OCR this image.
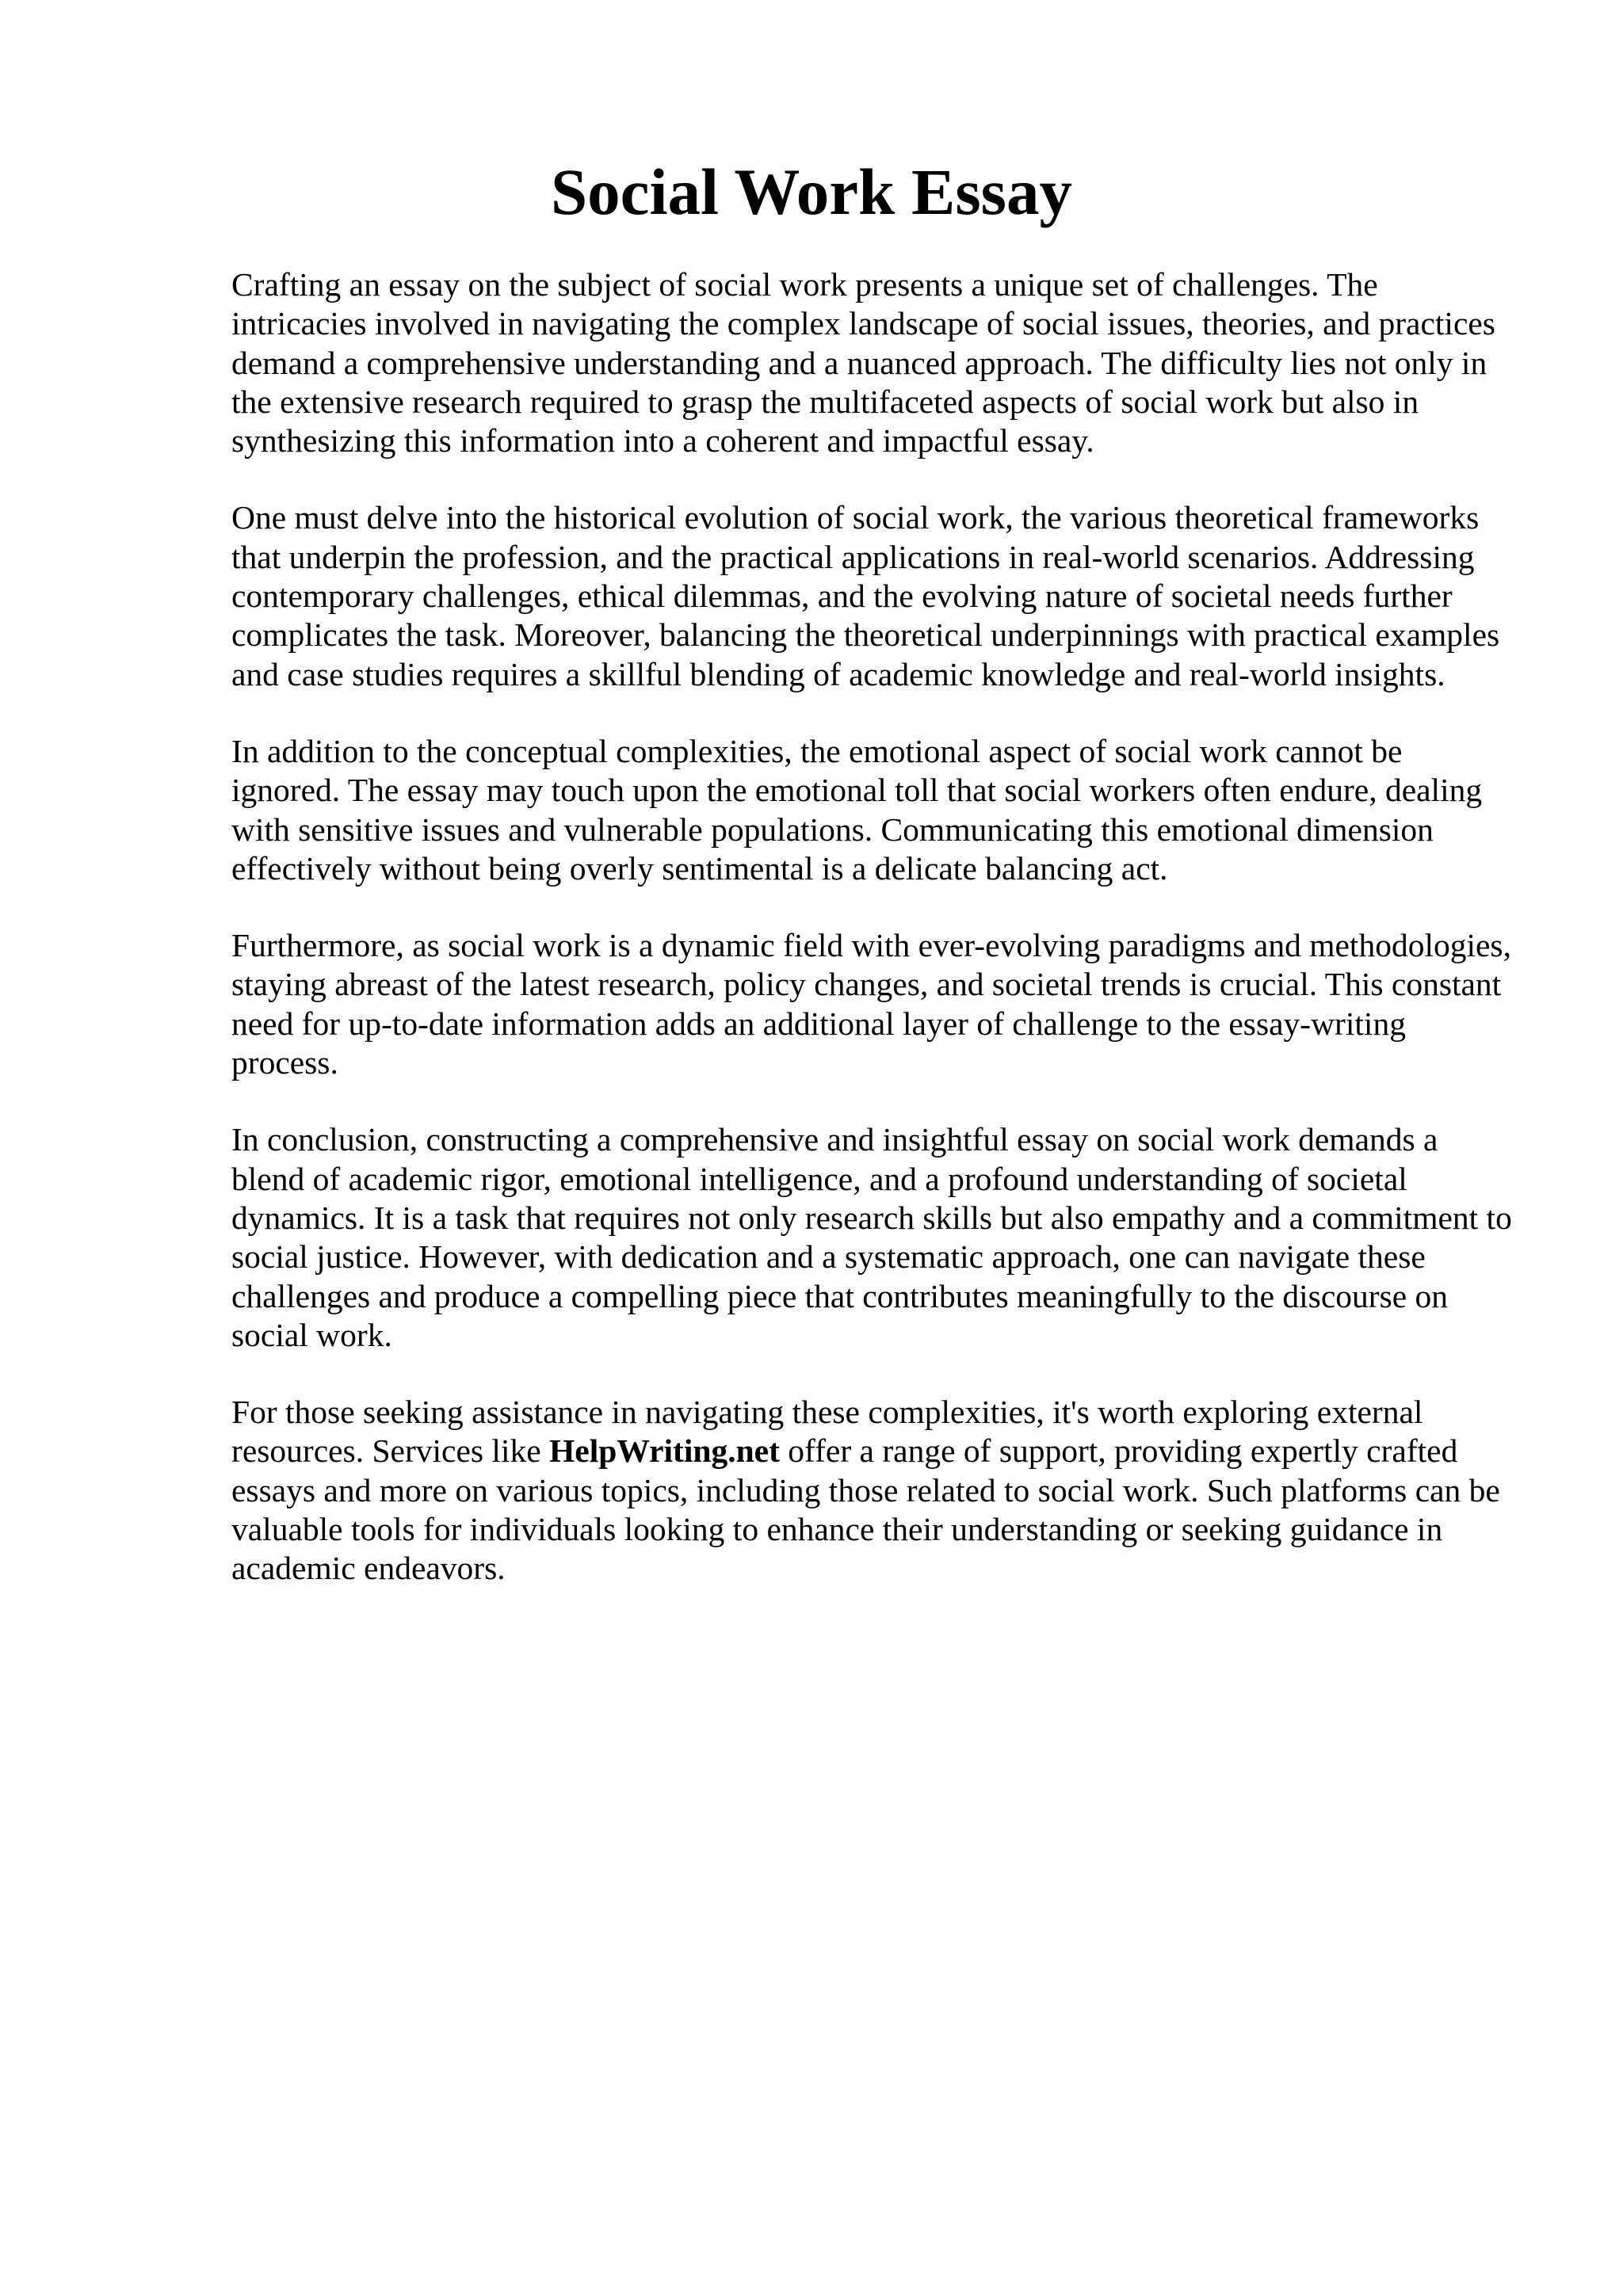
Social Work Essay

Crafting an essay on the subject of social work presents a unique set of challenges. The
intricacies involved in navigating the complex landscape of social issues, theories, and practices
demand a comprehensive understanding and a nuanced approach. The difficulty lies not only in
the extensive research required to grasp the multifaceted aspects of social work but also in
synthesizing this information into a coherent and impactful essay.

One must delve into the historical evolution of social work, the various theoretical frameworks
that underpin the profession, and the practical applications in real-world scenarios. Addressing
contemporary challenges, ethical dilemmas, and the evolving nature of societal needs further
complicates the task. Moreover, balancing the theoretical underpinnings with practical examples
and case studies requires a skillful blending of academic knowledge and real-world insights.

In addition to the conceptual complexities, the emotional aspect of social work cannot be
ignored. The essay may touch upon the emotional toll that social workers often endure, dealing
with sensitive issues and vulnerable populations. Communicating this emotional dimension
effectively without being overly sentimental is a delicate balancing act.

Furthermore, as social work is a dynamic field with ever-evolving paradigms and methodologies,
staying abreast of the latest research, policy changes, and societal trends is crucial. This constant
need for up-to-date information adds an additional layer of challenge to the essay-writing
process.

In conclusion, constructing a comprehensive and insightful essay on social work demands a
blend of academic rigor, emotional intelligence, and a profound understanding of societal
dynamics. It is a task that requires not only research skills but also empathy and a commitment to
social justice. However, with dedication and a systematic approach, one can navigate these
challenges and produce a compelling piece that contributes meaningfully to the discourse on
social work.

For those seeking assistance in navigating these complexities, it's worth exploring external
resources. Services like HelpWriting.net offer a range of support, providing expertly crafted
essays and more on various topics, including those related to social work. Such platforms can be
valuable tools for individuals looking to enhance their understanding or seeking guidance in
academic endeavors.
